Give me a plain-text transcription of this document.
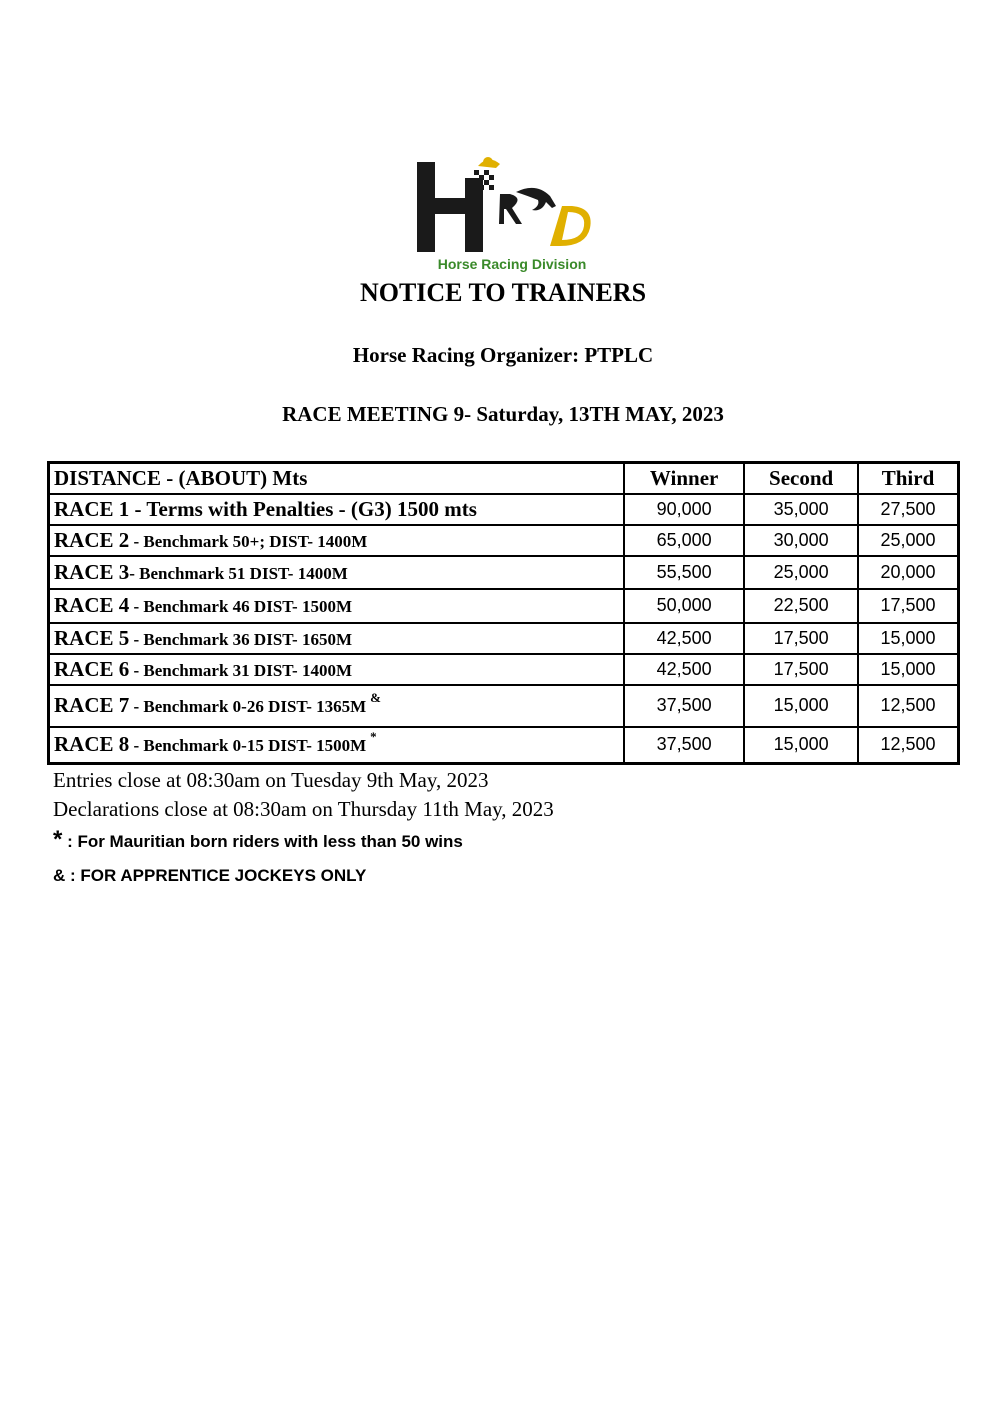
Horse Racing Division
NOTICE TO TRAINERS
Horse Racing Organizer: PTPLC
RACE MEETING 9- Saturday, 13TH MAY, 2023
DISTANCE - (ABOUT) Mts	Winner	Second	Third
RACE 1 - Terms with Penalties - (G3) 1500 mts	90,000	35,000	27,500
RACE 2 - Benchmark 50+; DIST- 1400M	65,000	30,000	25,000
RACE 3- Benchmark 51 DIST- 1400M	55,500	25,000	20,000
RACE 4 - Benchmark 46 DIST- 1500M	50,000	22,500	17,500
RACE 5 - Benchmark 36 DIST- 1650M	42,500	17,500	15,000
RACE 6 - Benchmark 31 DIST- 1400M	42,500	17,500	15,000
RACE 7 - Benchmark 0-26 DIST- 1365M &	37,500	15,000	12,500
RACE 8 - Benchmark 0-15 DIST- 1500M *	37,500	15,000	12,500
Entries close at 08:30am on Tuesday 9th May, 2023
Declarations close at 08:30am on Thursday 11th May, 2023
* : For Mauritian born riders with less than 50 wins
& : FOR APPRENTICE JOCKEYS ONLY
